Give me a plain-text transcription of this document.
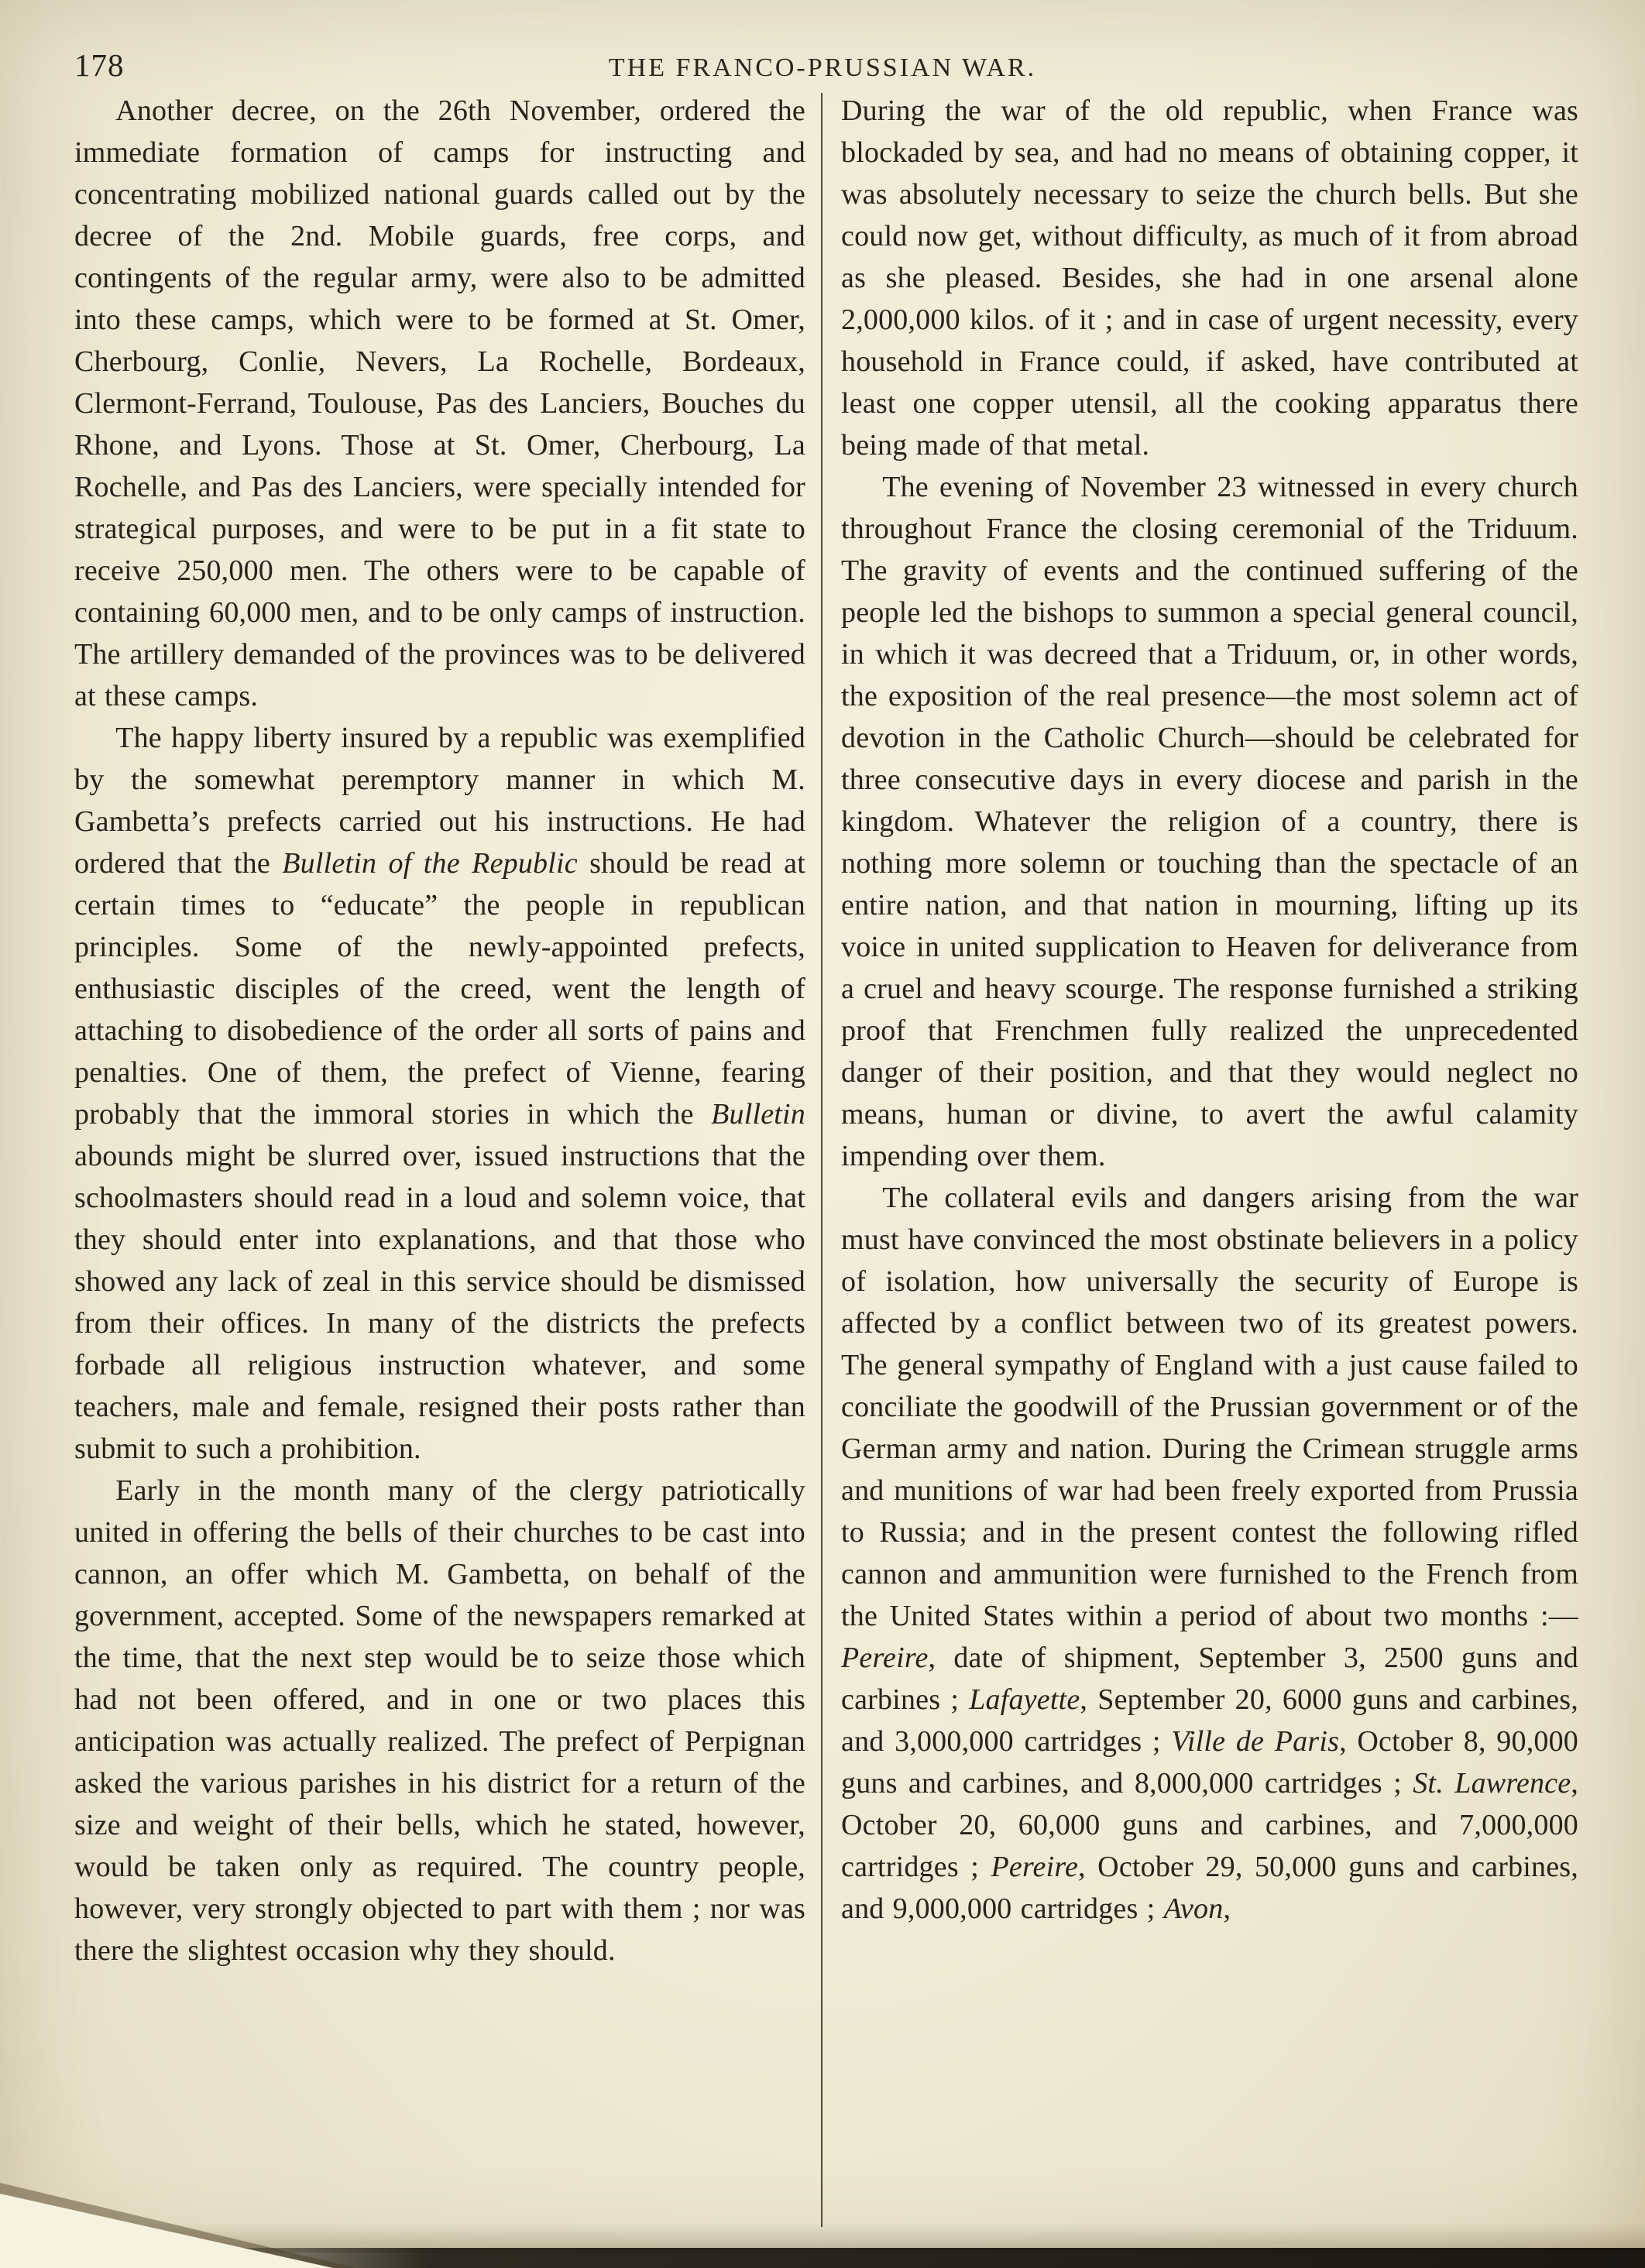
178	THE FRANCO-PRUSSIAN WAR.

Another decree, on the 26th November, ordered the immediate formation of camps for instructing and concentrating mobilized national guards called out by the decree of the 2nd. Mobile guards, free corps, and contingents of the regular army, were also to be admitted into these camps, which were to be formed at St. Omer, Cherbourg, Conlie, Nevers, La Rochelle, Bordeaux, Clermont-Ferrand, Toulouse, Pas des Lanciers, Bouches du Rhone, and Lyons. Those at St. Omer, Cherbourg, La Rochelle, and Pas des Lanciers, were specially intended for strategical purposes, and were to be put in a fit state to receive 250,000 men. The others were to be capable of containing 60,000 men, and to be only camps of instruction. The artillery demanded of the provinces was to be delivered at these camps.

The happy liberty insured by a republic was exemplified by the somewhat peremptory manner in which M. Gambetta’s prefects carried out his instructions. He had ordered that the Bulletin of the Republic should be read at certain times to “educate” the people in republican principles. Some of the newly-appointed prefects, enthusiastic disciples of the creed, went the length of attaching to disobedience of the order all sorts of pains and penalties. One of them, the prefect of Vienne, fearing probably that the immoral stories in which the Bulletin abounds might be slurred over, issued instructions that the schoolmasters should read in a loud and solemn voice, that they should enter into explanations, and that those who showed any lack of zeal in this service should be dismissed from their offices. In many of the districts the prefects forbade all religious instruction whatever, and some teachers, male and female, resigned their posts rather than submit to such a prohibition.

Early in the month many of the clergy patriotically united in offering the bells of their churches to be cast into cannon, an offer which M. Gambetta, on behalf of the government, accepted. Some of the newspapers remarked at the time, that the next step would be to seize those which had not been offered, and in one or two places this anticipation was actually realized. The prefect of Perpignan asked the various parishes in his district for a return of the size and weight of their bells, which he stated, however, would be taken only as required. The country people, however, very strongly objected to part with them ; nor was there the slightest occasion why they should.

During the war of the old republic, when France was blockaded by sea, and had no means of obtaining copper, it was absolutely necessary to seize the church bells. But she could now get, without difficulty, as much of it from abroad as she pleased. Besides, she had in one arsenal alone 2,000,000 kilos. of it ; and in case of urgent necessity, every household in France could, if asked, have contributed at least one copper utensil, all the cooking apparatus there being made of that metal.

The evening of November 23 witnessed in every church throughout France the closing ceremonial of the Triduum. The gravity of events and the continued suffering of the people led the bishops to summon a special general council, in which it was decreed that a Triduum, or, in other words, the exposition of the real presence—the most solemn act of devotion in the Catholic Church—should be celebrated for three consecutive days in every diocese and parish in the kingdom. Whatever the religion of a country, there is nothing more solemn or touching than the spectacle of an entire nation, and that nation in mourning, lifting up its voice in united supplication to Heaven for deliverance from a cruel and heavy scourge. The response furnished a striking proof that Frenchmen fully realized the unprecedented danger of their position, and that they would neglect no means, human or divine, to avert the awful calamity impending over them.

The collateral evils and dangers arising from the war must have convinced the most obstinate believers in a policy of isolation, how universally the security of Europe is affected by a conflict between two of its greatest powers. The general sympathy of England with a just cause failed to conciliate the goodwill of the Prussian government or of the German army and nation. During the Crimean struggle arms and munitions of war had been freely exported from Prussia to Russia; and in the present contest the following rifled cannon and ammunition were furnished to the French from the United States within a period of about two months :—Pereire, date of shipment, September 3, 2500 guns and carbines ; Lafayette, September 20, 6000 guns and carbines, and 3,000,000 cartridges ; Ville de Paris, October 8, 90,000 guns and carbines, and 8,000,000 cartridges ; St. Lawrence, October 20, 60,000 guns and carbines, and 7,000,000 cartridges ; Pereire, October 29, 50,000 guns and carbines, and 9,000,000 cartridges ; Avon,
